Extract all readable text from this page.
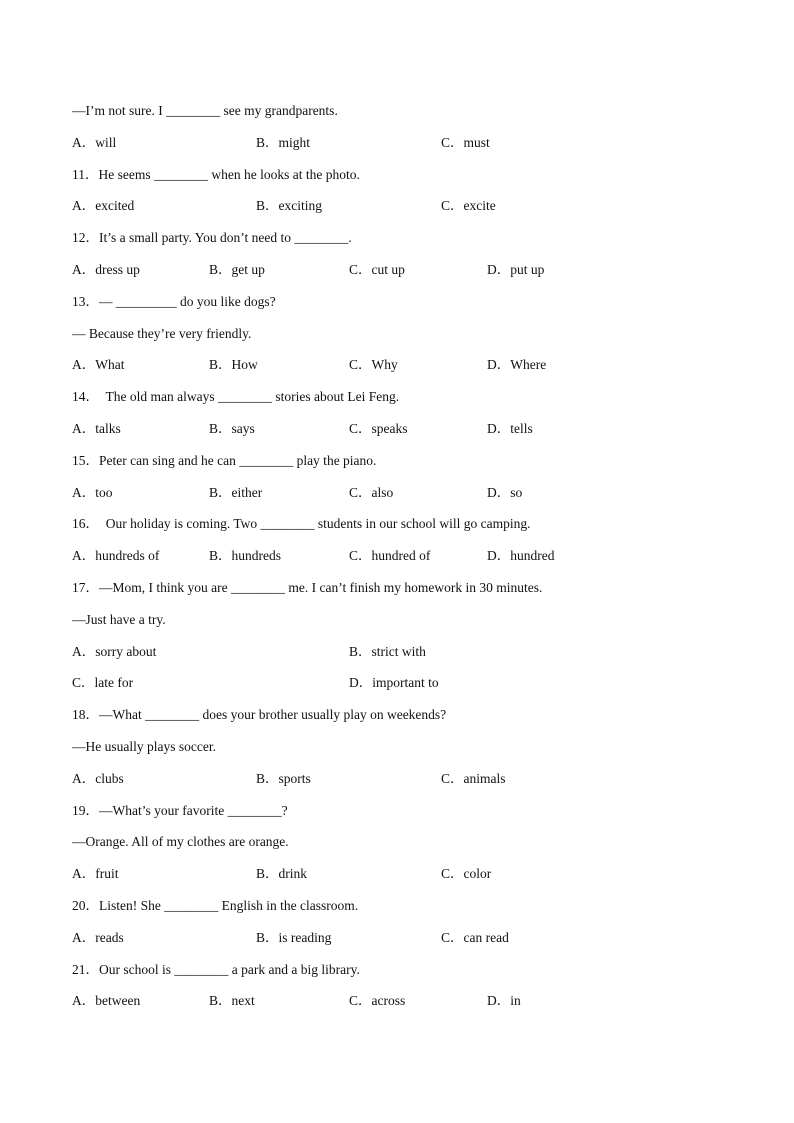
—I’m not sure. I ________ see my grandparents.
A．will	B．might	C．must
11．He seems ________ when he looks at the photo.
A．excited	B．exciting	C．excite
12．It’s a small party. You don’t need to ________.
A．dress up	B．get up	C．cut up	D．put up
13．— _________ do you like dogs?
— Because they’re very friendly.
A．What	B．How	C．Why	D．Where
14．  The old man always ________ stories about Lei Feng.
A．talks	B．says	C．speaks	D．tells
15．Peter can sing and he can ________ play the piano.
A．too	B．either	C．also	D．so
16．  Our holiday is coming. Two ________ students in our school will go camping.
A．hundreds of	B．hundreds	C．hundred of	D．hundred
17．—Mom, I think you are ________ me. I can’t finish my homework in 30 minutes.
—Just have a try.
A．sorry about	B．strict with
C．late for	D．important to
18．—What ________ does your brother usually play on weekends?
—He usually plays soccer.
A．clubs	B．sports	C．animals
19．—What’s your favorite ________?
—Orange. All of my clothes are orange.
A．fruit	B．drink	C．color
20．Listen! She ________ English in the classroom.
A．reads	B．is reading	C．can read
21．Our school is ________ a park and a big library.
A．between	B．next	C．across	D．in
